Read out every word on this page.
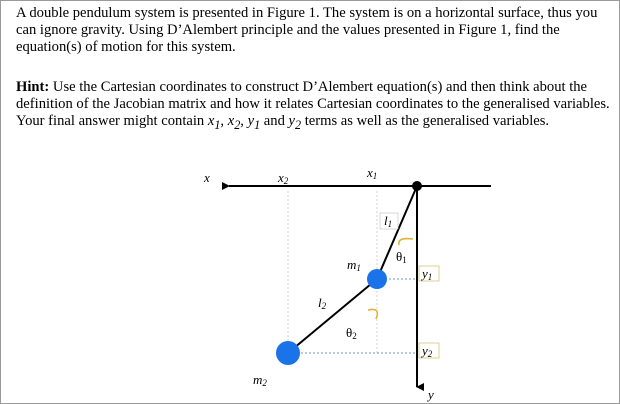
A double pendulum system is presented in Figure 1. The system is on a horizontal surface, thus you can ignore gravity. Using D’Alembert principle and the values presented in Figure 1, find the equation(s) of motion for this system.

Hint: Use the Cartesian coordinates to construct D’Alembert equation(s) and then think about the definition of the Jacobian matrix and how it relates Cartesian coordinates to the generalised variables. Your final answer might contain $x_1$, $x_2$, $y_1$ and $y_2$ terms as well as the generalised variables.

x
y
x2
x1
l1
l2
θ1
θ2
m1
m2
y1
y2
